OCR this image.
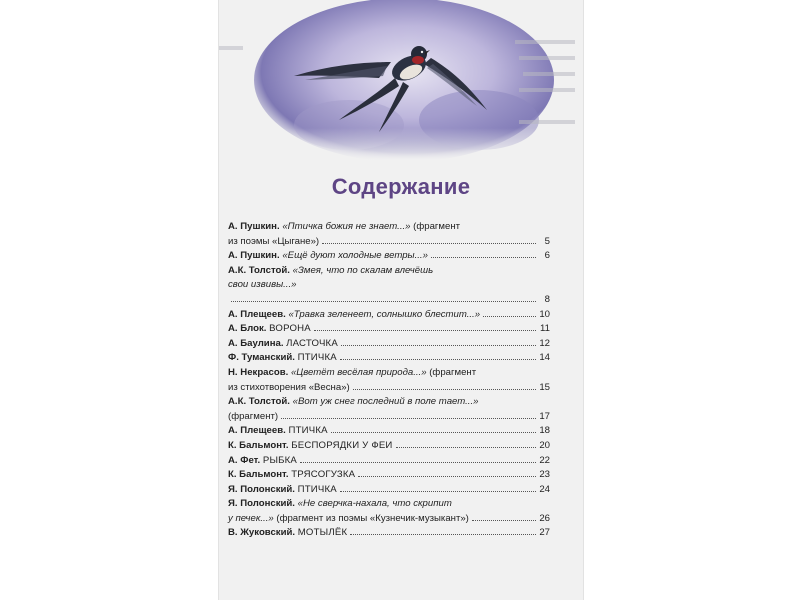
Содержание
А. Пушкин. «Птичка божия не знает...» (фрагмент
из поэмы «Цыгане»)	5
А. Пушкин. «Ещё дуют холодные ветры...»	6
А.К. Толстой. «Змея, что по скалам влечёшь
свои извивы...»
8
А. Плещеев. «Травка зеленеет, солнышко блестит...»	10
А. Блок. ВОРОНА	11
А. Баулина. ЛАСТОЧКА	12
Ф. Туманский. ПТИЧКА	14
Н. Некрасов. «Цветёт весёлая природа...» (фрагмент
из стихотворения «Весна»)	15
А.К. Толстой. «Вот уж снег последний в поле тает...»
(фрагмент)	17
А. Плещеев. ПТИЧКА	18
К. Бальмонт. БЕСПОРЯДКИ У ФЕИ	20
А. Фет. РЫБКА	22
К. Бальмонт. ТРЯСОГУЗКА	23
Я. Полонский. ПТИЧКА	24
Я. Полонский. «Не сверчка-нахала, что скрипит
у печек...» (фрагмент из поэмы «Кузнечик-музыкант»)	26
В. Жуковский. МОТЫЛЁК	27
